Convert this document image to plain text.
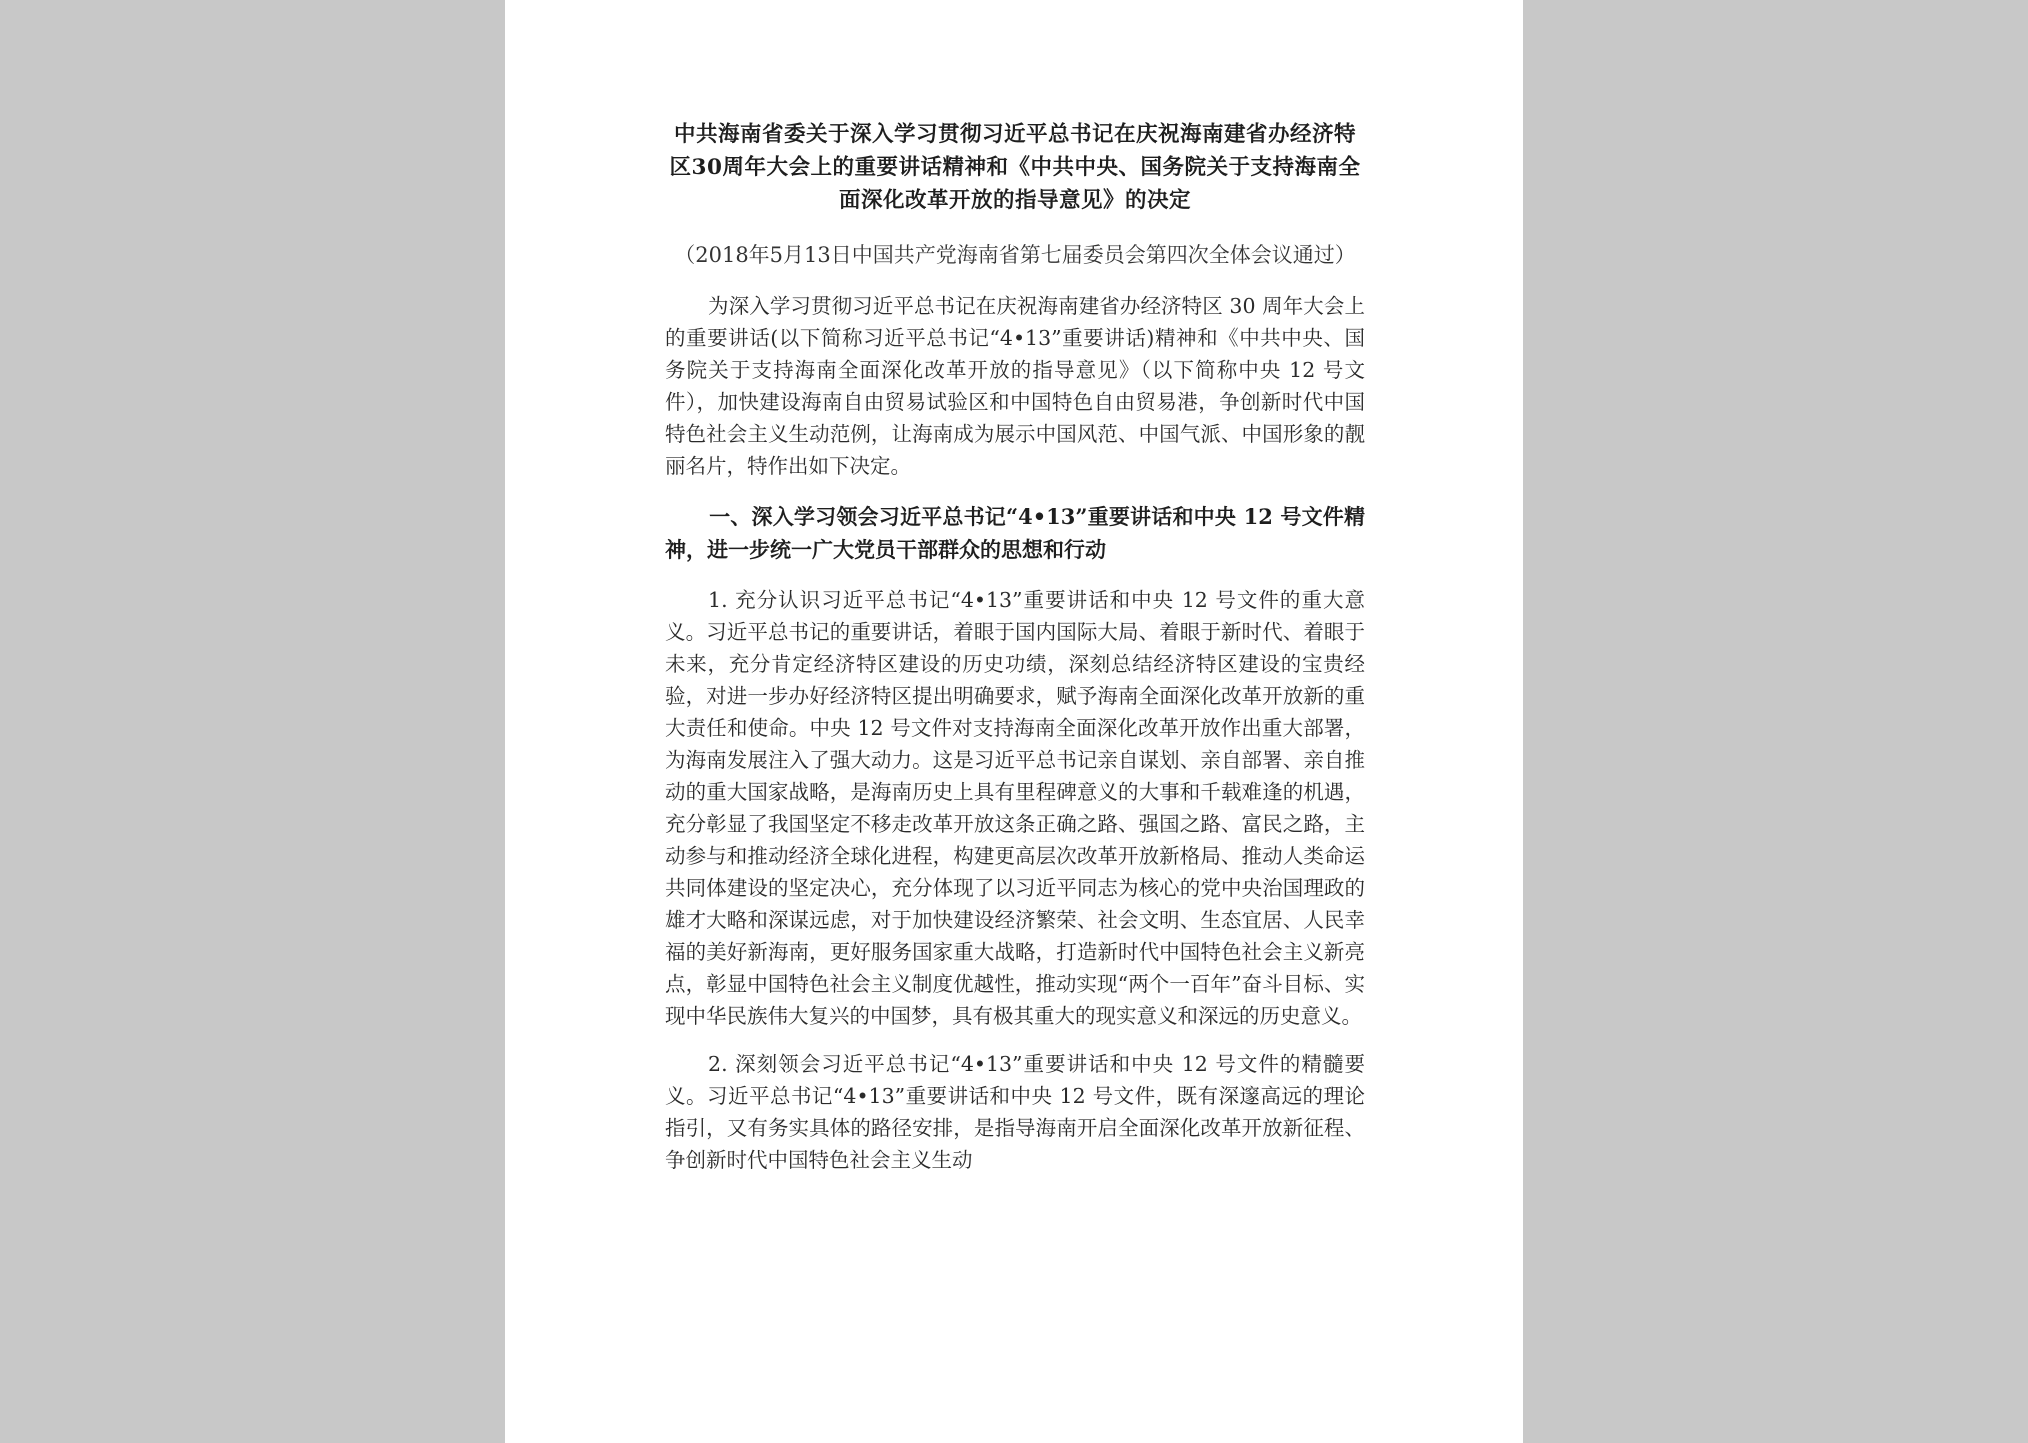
中共海南省委关于深入学习贯彻习近平总书记在庆祝海南建省办经济特区30周年大会上的重要讲话精神和《中共中央、国务院关于支持海南全面深化改革开放的指导意见》的决定

（2018年5月13日中国共产党海南省第七届委员会第四次全体会议通过）

为深入学习贯彻习近平总书记在庆祝海南建省办经济特区 30 周年大会上的重要讲话(以下简称习近平总书记“4•13”重要讲话)精神和《中共中央、国务院关于支持海南全面深化改革开放的指导意见》（以下简称中央 12 号文件），加快建设海南自由贸易试验区和中国特色自由贸易港，争创新时代中国特色社会主义生动范例，让海南成为展示中国风范、中国气派、中国形象的靓丽名片，特作出如下决定。

一、深入学习领会习近平总书记“4•13”重要讲话和中央 12 号文件精神，进一步统一广大党员干部群众的思想和行动

1. 充分认识习近平总书记“4•13”重要讲话和中央 12 号文件的重大意义。习近平总书记的重要讲话，着眼于国内国际大局、着眼于新时代、着眼于未来，充分肯定经济特区建设的历史功绩，深刻总结经济特区建设的宝贵经验，对进一步办好经济特区提出明确要求，赋予海南全面深化改革开放新的重大责任和使命。中央 12 号文件对支持海南全面深化改革开放作出重大部署，为海南发展注入了强大动力。这是习近平总书记亲自谋划、亲自部署、亲自推动的重大国家战略，是海南历史上具有里程碑意义的大事和千载难逢的机遇，充分彰显了我国坚定不移走改革开放这条正确之路、强国之路、富民之路，主动参与和推动经济全球化进程，构建更高层次改革开放新格局、推动人类命运共同体建设的坚定决心，充分体现了以习近平同志为核心的党中央治国理政的雄才大略和深谋远虑，对于加快建设经济繁荣、社会文明、生态宜居、人民幸福的美好新海南，更好服务国家重大战略，打造新时代中国特色社会主义新亮点，彰显中国特色社会主义制度优越性，推动实现“两个一百年”奋斗目标、实现中华民族伟大复兴的中国梦，具有极其重大的现实意义和深远的历史意义。

2. 深刻领会习近平总书记“4•13”重要讲话和中央 12 号文件的精髓要义。习近平总书记“4•13”重要讲话和中央 12 号文件，既有深邃高远的理论指引，又有务实具体的路径安排，是指导海南开启全面深化改革开放新征程、争创新时代中国特色社会主义生动
